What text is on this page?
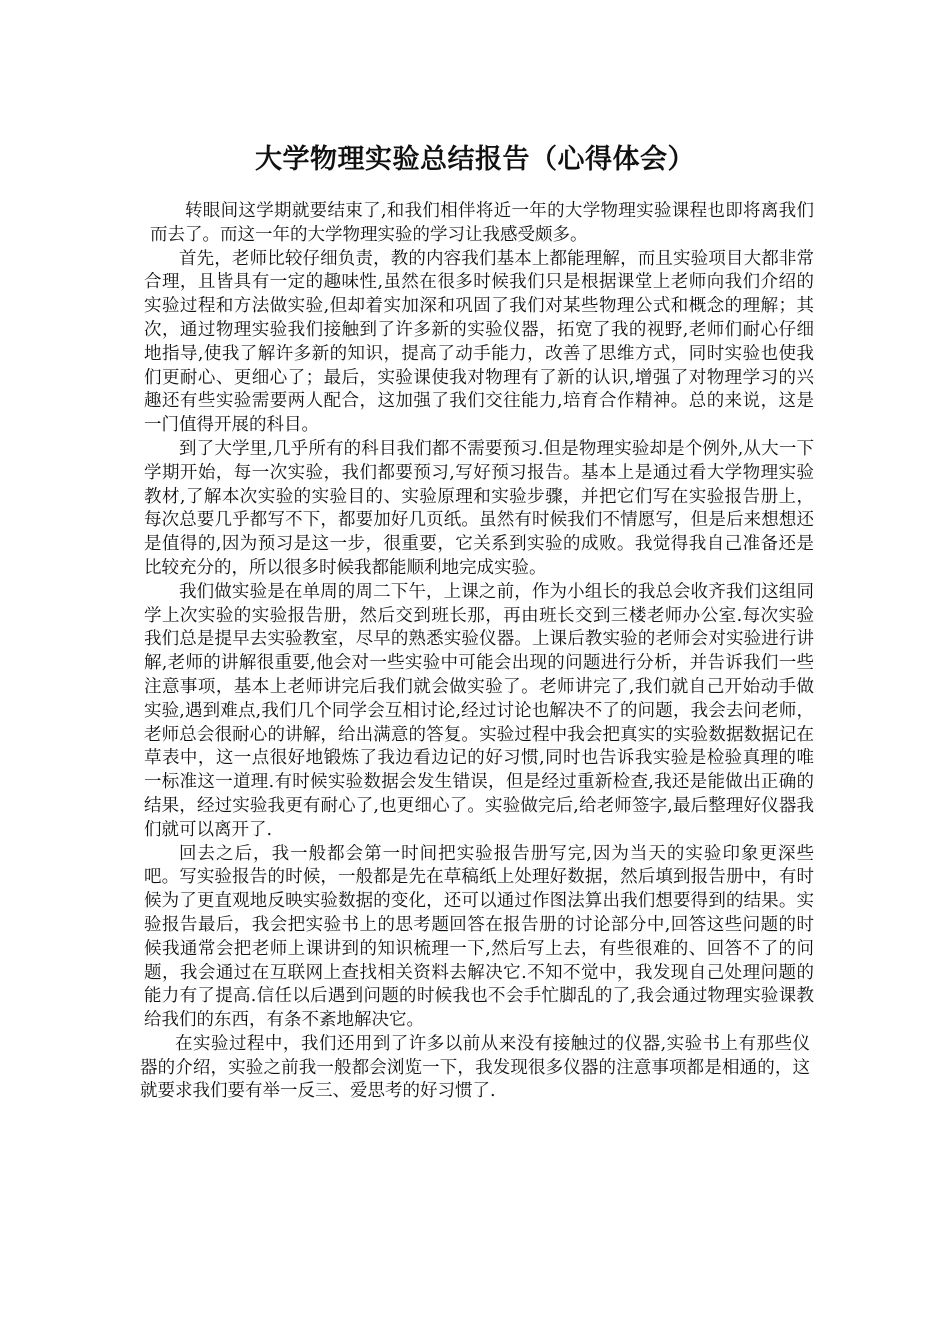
大学物理实验总结报告（心得体会）

转眼间这学期就要结束了,和我们相伴将近一年的大学物理实验课程也即将离我们而去了。而这一年的大学物理实验的学习让我感受颇多。

首先，老师比较仔细负责，教的内容我们基本上都能理解，而且实验项目大都非常合理，且皆具有一定的趣味性,虽然在很多时候我们只是根据课堂上老师向我们介绍的实验过程和方法做实验,但却着实加深和巩固了我们对某些物理公式和概念的理解；其次，通过物理实验我们接触到了许多新的实验仪器，拓宽了我的视野,老师们耐心仔细地指导,使我了解许多新的知识，提高了动手能力，改善了思维方式，同时实验也使我们更耐心、更细心了；最后，实验课使我对物理有了新的认识,增强了对物理学习的兴趣还有些实验需要两人配合，这加强了我们交往能力,培育合作精神。总的来说，这是一门值得开展的科目。

到了大学里,几乎所有的科目我们都不需要预习.但是物理实验却是个例外,从大一下学期开始，每一次实验，我们都要预习,写好预习报告。基本上是通过看大学物理实验教材,了解本次实验的实验目的、实验原理和实验步骤，并把它们写在实验报告册上，每次总要几乎都写不下，都要加好几页纸。虽然有时候我们不情愿写，但是后来想想还是值得的,因为预习是这一步，很重要，它关系到实验的成败。我觉得我自己准备还是比较充分的，所以很多时候我都能顺利地完成实验。

我们做实验是在单周的周二下午，上课之前，作为小组长的我总会收齐我们这组同学上次实验的实验报告册，然后交到班长那，再由班长交到三楼老师办公室.每次实验我们总是提早去实验教室，尽早的熟悉实验仪器。上课后教实验的老师会对实验进行讲解,老师的讲解很重要,他会对一些实验中可能会出现的问题进行分析，并告诉我们一些注意事项，基本上老师讲完后我们就会做实验了。老师讲完了,我们就自己开始动手做实验,遇到难点,我们几个同学会互相讨论,经过讨论也解决不了的问题，我会去问老师，老师总会很耐心的讲解，给出满意的答复。实验过程中我会把真实的实验数据数据记在草表中，这一点很好地锻炼了我边看边记的好习惯,同时也告诉我实验是检验真理的唯一标准这一道理.有时候实验数据会发生错误，但是经过重新检查,我还是能做出正确的结果，经过实验我更有耐心了,也更细心了。实验做完后,给老师签字,最后整理好仪器我们就可以离开了.

回去之后，我一般都会第一时间把实验报告册写完,因为当天的实验印象更深些吧。写实验报告的时候，一般都是先在草稿纸上处理好数据，然后填到报告册中，有时候为了更直观地反映实验数据的变化，还可以通过作图法算出我们想要得到的结果。实验报告最后，我会把实验书上的思考题回答在报告册的讨论部分中,回答这些问题的时候我通常会把老师上课讲到的知识梳理一下,然后写上去，有些很难的、回答不了的问题，我会通过在互联网上查找相关资料去解决它.不知不觉中，我发现自己处理问题的能力有了提高.信任以后遇到问题的时候我也不会手忙脚乱的了,我会通过物理实验课教给我们的东西，有条不紊地解决它。

在实验过程中，我们还用到了许多以前从来没有接触过的仪器,实验书上有那些仪器的介绍，实验之前我一般都会浏览一下，我发现很多仪器的注意事项都是相通的，这就要求我们要有举一反三、爱思考的好习惯了.
